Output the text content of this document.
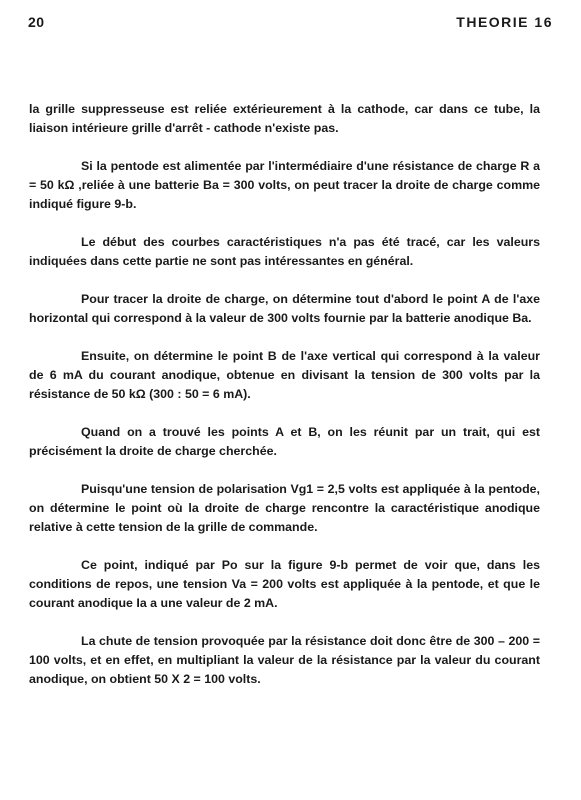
20	THEORIE 16

la grille suppresseuse est reliée extérieurement à la cathode, car dans ce tube, la liaison intérieure grille d'arrêt - cathode n'existe pas.

Si la pentode est alimentée par l'intermédiaire d'une résistance de charge R a = 50 kΩ ,reliée à une batterie Ba = 300 volts, on peut tracer la droite de charge comme indiqué figure 9-b.

Le début des courbes caractéristiques n'a pas été tracé, car les valeurs indiquées dans cette partie ne sont pas intéressantes en général.

Pour tracer la droite de charge, on détermine tout d'abord le point A de l'axe horizontal qui correspond à la valeur de 300 volts fournie par la batterie anodique Ba.

Ensuite, on détermine le point B de l'axe vertical qui correspond à la valeur de 6 mA du courant anodique, obtenue en divisant la tension de 300 volts par la résistance de 50 kΩ (300 : 50 = 6 mA).

Quand on a trouvé les points A et B, on les réunit par un trait, qui est précisément la droite de charge cherchée.

Puisqu'une tension de polarisation Vg1 = 2,5 volts est appliquée à la pentode, on détermine le point où la droite de charge rencontre la caractéristique anodique relative à cette tension de la grille de commande.

Ce point, indiqué par Po sur la figure 9-b permet de voir que, dans les conditions de repos, une tension Va = 200 volts est appliquée à la pentode, et que le courant anodique Ia a une valeur de 2 mA.

La chute de tension provoquée par la résistance doit donc être de 300 – 200 = 100 volts, et en effet, en multipliant la valeur de la résistance par la valeur du courant anodique, on obtient 50 X 2 = 100 volts.
